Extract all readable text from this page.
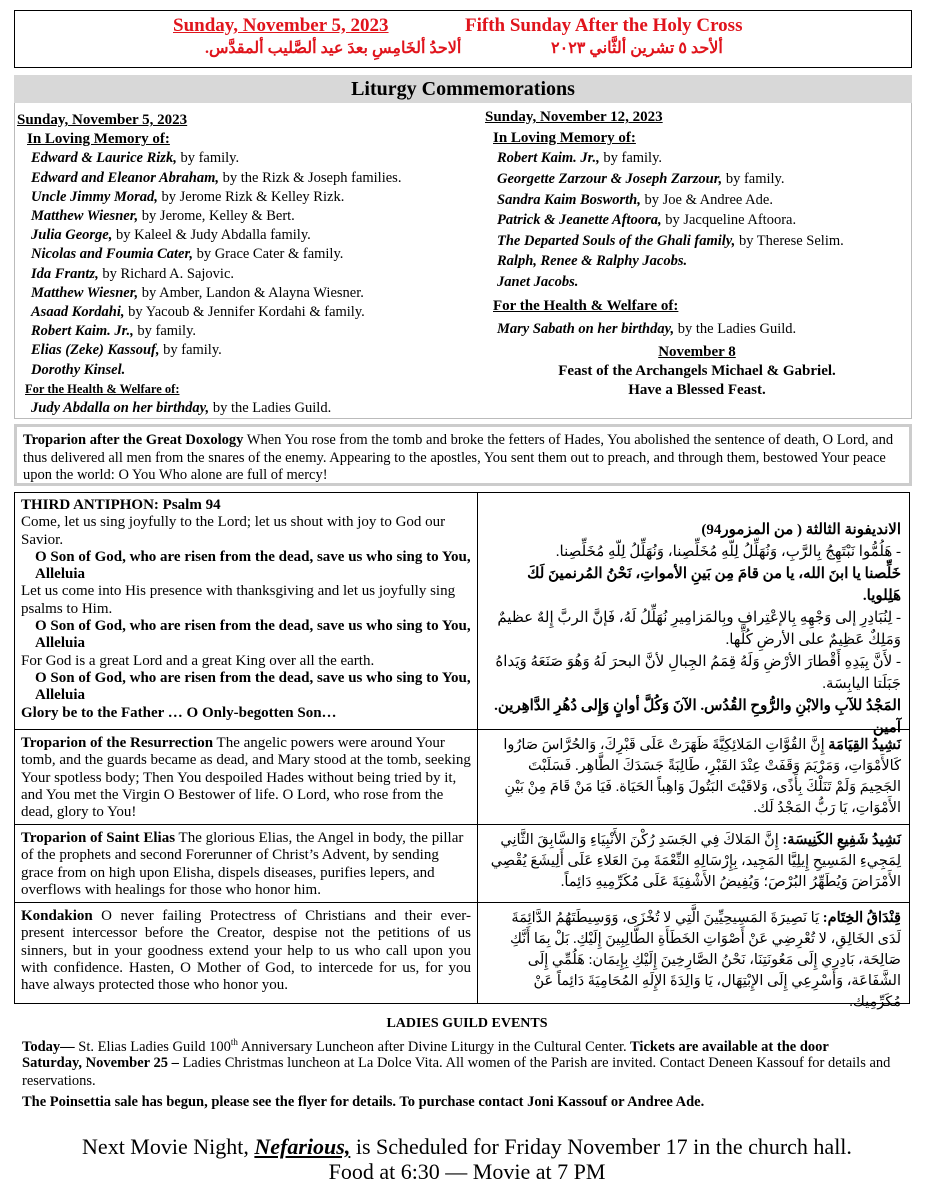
Sunday, November 5, 2023	Fifth Sunday After the Holy Cross
ألاحدُ ألخَامِسِ بعدَ عيد ألصَّليب ألمقدَّس.	ألأحد ٥ تشرين ألثَّاني ٢٠٢٣
Liturgy Commemorations
Sunday, November 5, 2023
In Loving Memory of:
Edward & Laurice Rizk, by family.
Edward and Eleanor Abraham, by the Rizk & Joseph families.
Uncle Jimmy Morad, by Jerome Rizk & Kelley Rizk.
Matthew Wiesner, by Jerome, Kelley & Bert.
Julia George, by Kaleel & Judy Abdalla family.
Nicolas and Foumia Cater, by Grace Cater & family.
Ida Frantz, by Richard A. Sajovic.
Matthew Wiesner, by Amber, Landon & Alayna Wiesner.
Asaad Kordahi, by Yacoub & Jennifer Kordahi & family.
Robert Kaim. Jr., by family.
Elias (Zeke) Kassouf, by family.
Dorothy Kinsel.
For the Health & Welfare of:
Judy Abdalla on her birthday, by the Ladies Guild.
Sunday, November 12, 2023
In Loving Memory of:
Robert Kaim. Jr., by family.
Georgette Zarzour & Joseph Zarzour, by family.
Sandra Kaim Bosworth, by Joe & Andree Ade.
Patrick & Jeanette Aftoora, by Jacqueline Aftoora.
The Departed Souls of the Ghali family, by Therese Selim.
Ralph, Renee & Ralphy Jacobs.
Janet Jacobs.
For the Health & Welfare of:
Mary Sabath on her birthday, by the Ladies Guild.
November 8
Feast of the Archangels Michael & Gabriel.
Have a Blessed Feast.
Troparion after the Great Doxology When You rose from the tomb and broke the fetters of Hades, You abolished the sentence of death, O Lord, and thus delivered all men from the snares of the enemy. Appearing to the apostles, You sent them out to preach, and through them, bestowed Your peace upon the world: O You Who alone are full of mercy!
THIRD ANTIPHON: Psalm 94
Come, let us sing joyfully to the Lord; let us shout with joy to God our Savior.
O Son of God, who are risen from the dead, save us who sing to You, Alleluia
Let us come into His presence with thanksgiving and let us joyfully sing psalms to Him.
O Son of God, who are risen from the dead, save us who sing to You, Alleluia
For God is a great Lord and a great King over all the earth.
O Son of God, who are risen from the dead, save us who sing to You, Alleluia
Glory be to the Father … O Only-begotten Son…
الانديفونة الثالثة ( من المزمور94)
- هَلُمُّوا نَبْتَهِجُ بِالرَّبِ، وَنُهَلِّلُ لِلّهِ مُخَلِّصِنا، وَنُهَلِّلُ لِلّهِ مُخَلِّصِنا.
خَلِّصنا يا ابنَ الله، يا من قامَ مِن بَينِ الأمواتِ، نَحْنُ المُرنمينَ لَكَ هَلِلويا.
- لِنُبَادِرِ إلى وَجْهِهِ بِالإعْتِرافِ وبِالمَزامِيرِ نُهَلِّلُ لَهُ، فَإنَّ الربَّ إِلهٌ عظيمٌ وَمَلِكٌ عَظِيمٌ على الأرضِ كُلِّها.
- لأَنَّ بِيَدِهِ أَقْطارَ الأرْضِ وَلَهُ قِمَمُ الجِبالِ لأنَّ البحرَ لَهُ وَهُوَ صَنَعَهُ وَيَداهُ جَبَلَتا اليابِسَة.
المَجْدُ للآبِ والابْنِ والرُّوحِ القُدُس. الآنَ وَكُلَّ أوانٍ وَإِلى دُهُرِ الدَّاهِرين. آمين
Troparion of the Resurrection The angelic powers were around Your tomb, and the guards became as dead, and Mary stood at the tomb, seeking Your spotless body; Then You despoiled Hades without being tried by it, and You met the Virgin O Bestower of life. O Lord, who rose from the dead, glory to You!
نَشِيدُ القِيَامَة إِنَّ القُوَّاتِ المَلائِكِيَّةَ ظَهَرَتْ عَلَى قَبْرِكَ، وَالحُرَّاسَ صَارُوا كَالأَمْوَاتِ، وَمَرْيَمَ وَقَفَتْ عِنْدَ القَبْرِ، طَالِبَةً جَسَدَكَ الطَّاهِر. فَسَلَبْتَ الجَحِيمَ وَلَمْ تَنَلْكَ بِأَذًى، وَلاقَيْتَ البَتُولَ وَاهِباً الحَيَاة. فَيَا مَنْ قَامَ مِنْ بَيْنِ الأَمْوَاتِ، يَا رَبُّ المَجْدُ لَك.
Troparion of Saint Elias The glorious Elias, the Angel in body, the pillar of the prophets and second Forerunner of Christ’s Advent, by sending grace from on high upon Elisha, dispels diseases, purifies lepers, and overflows with healings for those who honor him.
نَشِيدُ شَفِيعِ الكَنِيسَة: إِنَّ المَلاكَ فِي الجَسَدِ رُكْنَ الأَنْبِيَاءِ وَالسَّابِقَ الثَّانِي لِمَجِيءِ المَسِيحِ إِيلِيَّا المَجِيد، بِإِرْسَالِهِ النِّعْمَةَ مِنَ العَلاءِ عَلَى أَلِيشَعَ يُقْصِي الأَمْرَاضَ وَيُطَهِّرُ البُرْصَ؛ وَيُفِيضُ الأَشْفِيَةَ عَلَى مُكَرِّمِيهِ دَائِماً.
Kondakion O never failing Protectress of Christians and their ever-present intercessor before the Creator, despise not the petitions of us sinners, but in your goodness extend your help to us who call upon you with confidence. Hasten, O Mother of God, to intercede for us, for you have always protected those who honor you.
قِنْدَاقُ الخِتَام: يَا نَصِيرَةَ المَسِيحِيِّينَ الَّتِي لا تُخْزَى، وَوَسِيطَتَهُمُ الدَّائِمَةَ لَدَى الخَالِقِ، لا تُعْرِضِي عَنْ أَصْوَاتِ الخَطَأَةِ الطَّالِبِينَ إِلَيْكِ. بَلْ بِمَا أَنَّكِ صَالِحَة، بَادِرِي إِلَى مَعُونَتِنَا، نَحْنُ الصَّارِخِينَ إِلَيْكِ بِإِيمَان: هَلُمِّي إِلَى الشَّفَاعَة، وَأَسْرِعِي إِلَى الإِبْتِهَال، يَا وَالِدَةَ الإِلَهِ المُحَامِيَةَ دَائِماً عَنْ مُكَرِّمِيك.
LADIES GUILD EVENTS
Today— St. Elias Ladies Guild 100th Anniversary Luncheon after Divine Liturgy in the Cultural Center. Tickets are available at the door
Saturday, November 25 – Ladies Christmas luncheon at La Dolce Vita. All women of the Parish are invited. Contact Deneen Kassouf for details and reservations.
The Poinsettia sale has begun, please see the flyer for details. To purchase contact Joni Kassouf or Andree Ade.
Next Movie Night, Nefarious, is Scheduled for Friday November 17 in the church hall.
Food at 6:30 — Movie at 7 PM
